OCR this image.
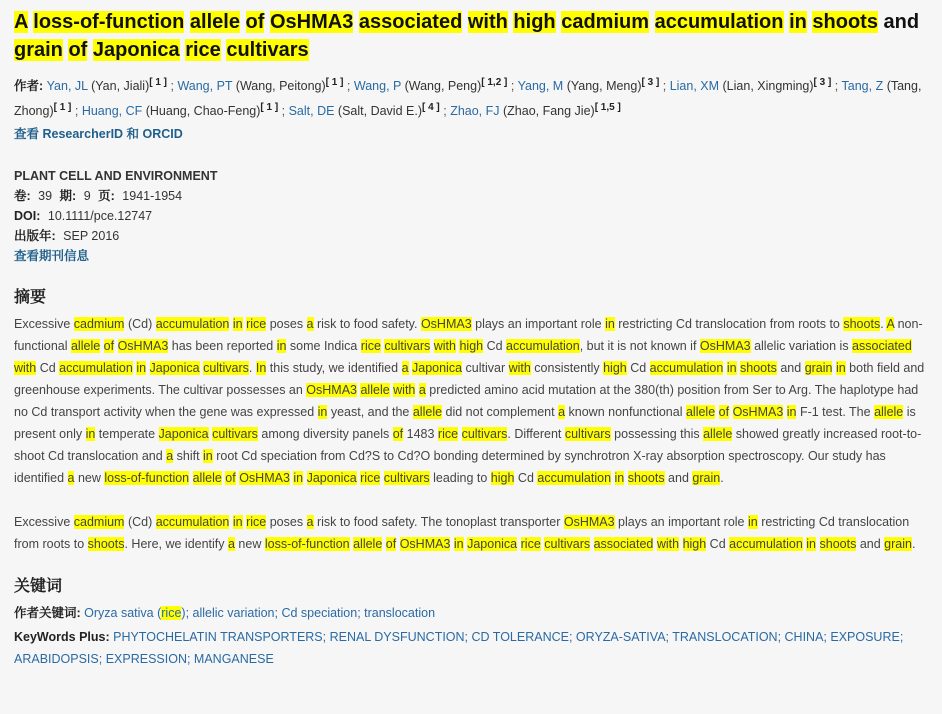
A loss-of-function allele of OsHMA3 associated with high cadmium accumulation in shoots and grain of Japonica rice cultivars
作者: Yan, JL (Yan, Jiali)[ 1 ] ; Wang, PT (Wang, Peitong)[ 1 ] ; Wang, P (Wang, Peng)[ 1,2 ] ; Yang, M (Yang, Meng)[ 3 ] ; Lian, XM (Lian, Xingming)[ 3 ] ; Tang, Z (Tang, Zhong)[ 1 ] ; Huang, CF (Huang, Chao-Feng)[ 1 ] ; Salt, DE (Salt, David E.)[ 4 ] ; Zhao, FJ (Zhao, Fang Jie)[ 1,5 ]
查看 ResearcherID 和 ORCID
PLANT CELL AND ENVIRONMENT
卷: 39 期: 9 页: 1941-1954
DOI: 10.1111/pce.12747
出版年: SEP 2016
查看期刊信息
摘要

Excessive cadmium (Cd) accumulation in rice poses a risk to food safety. OsHMA3 plays an important role in restricting Cd translocation from roots to shoots. A non-functional allele of OsHMA3 has been reported in some Indica rice cultivars with high Cd accumulation, but it is not known if OsHMA3 allelic variation is associated with Cd accumulation in Japonica cultivars. In this study, we identified a Japonica cultivar with consistently high Cd accumulation in shoots and grain in both field and greenhouse experiments. The cultivar possesses an OsHMA3 allele with a predicted amino acid mutation at the 380(th) position from Ser to Arg. The haplotype had no Cd transport activity when the gene was expressed in yeast, and the allele did not complement a known nonfunctional allele of OsHMA3 in F-1 test. The allele is present only in temperate Japonica cultivars among diversity panels of 1483 rice cultivars. Different cultivars possessing this allele showed greatly increased root-to-shoot Cd translocation and a shift in root Cd speciation from Cd?S to Cd?O bonding determined by synchrotron X-ray absorption spectroscopy. Our study has identified a new loss-of-function allele of OsHMA3 in Japonica rice cultivars leading to high Cd accumulation in shoots and grain.

Excessive cadmium (Cd) accumulation in rice poses a risk to food safety. The tonoplast transporter OsHMA3 plays an important role in restricting Cd translocation from roots to shoots. Here, we identify a new loss-of-function allele of OsHMA3 in Japonica rice cultivars associated with high Cd accumulation in shoots and grain.

关键词
作者关键词: Oryza sativa (rice); allelic variation; Cd speciation; translocation
KeyWords Plus: PHYTOCHELATIN TRANSPORTERS; RENAL DYSFUNCTION; CD TOLERANCE; ORYZA-SATIVA; TRANSLOCATION; CHINA; EXPOSURE; ARABIDOPSIS; EXPRESSION; MANGANESE
